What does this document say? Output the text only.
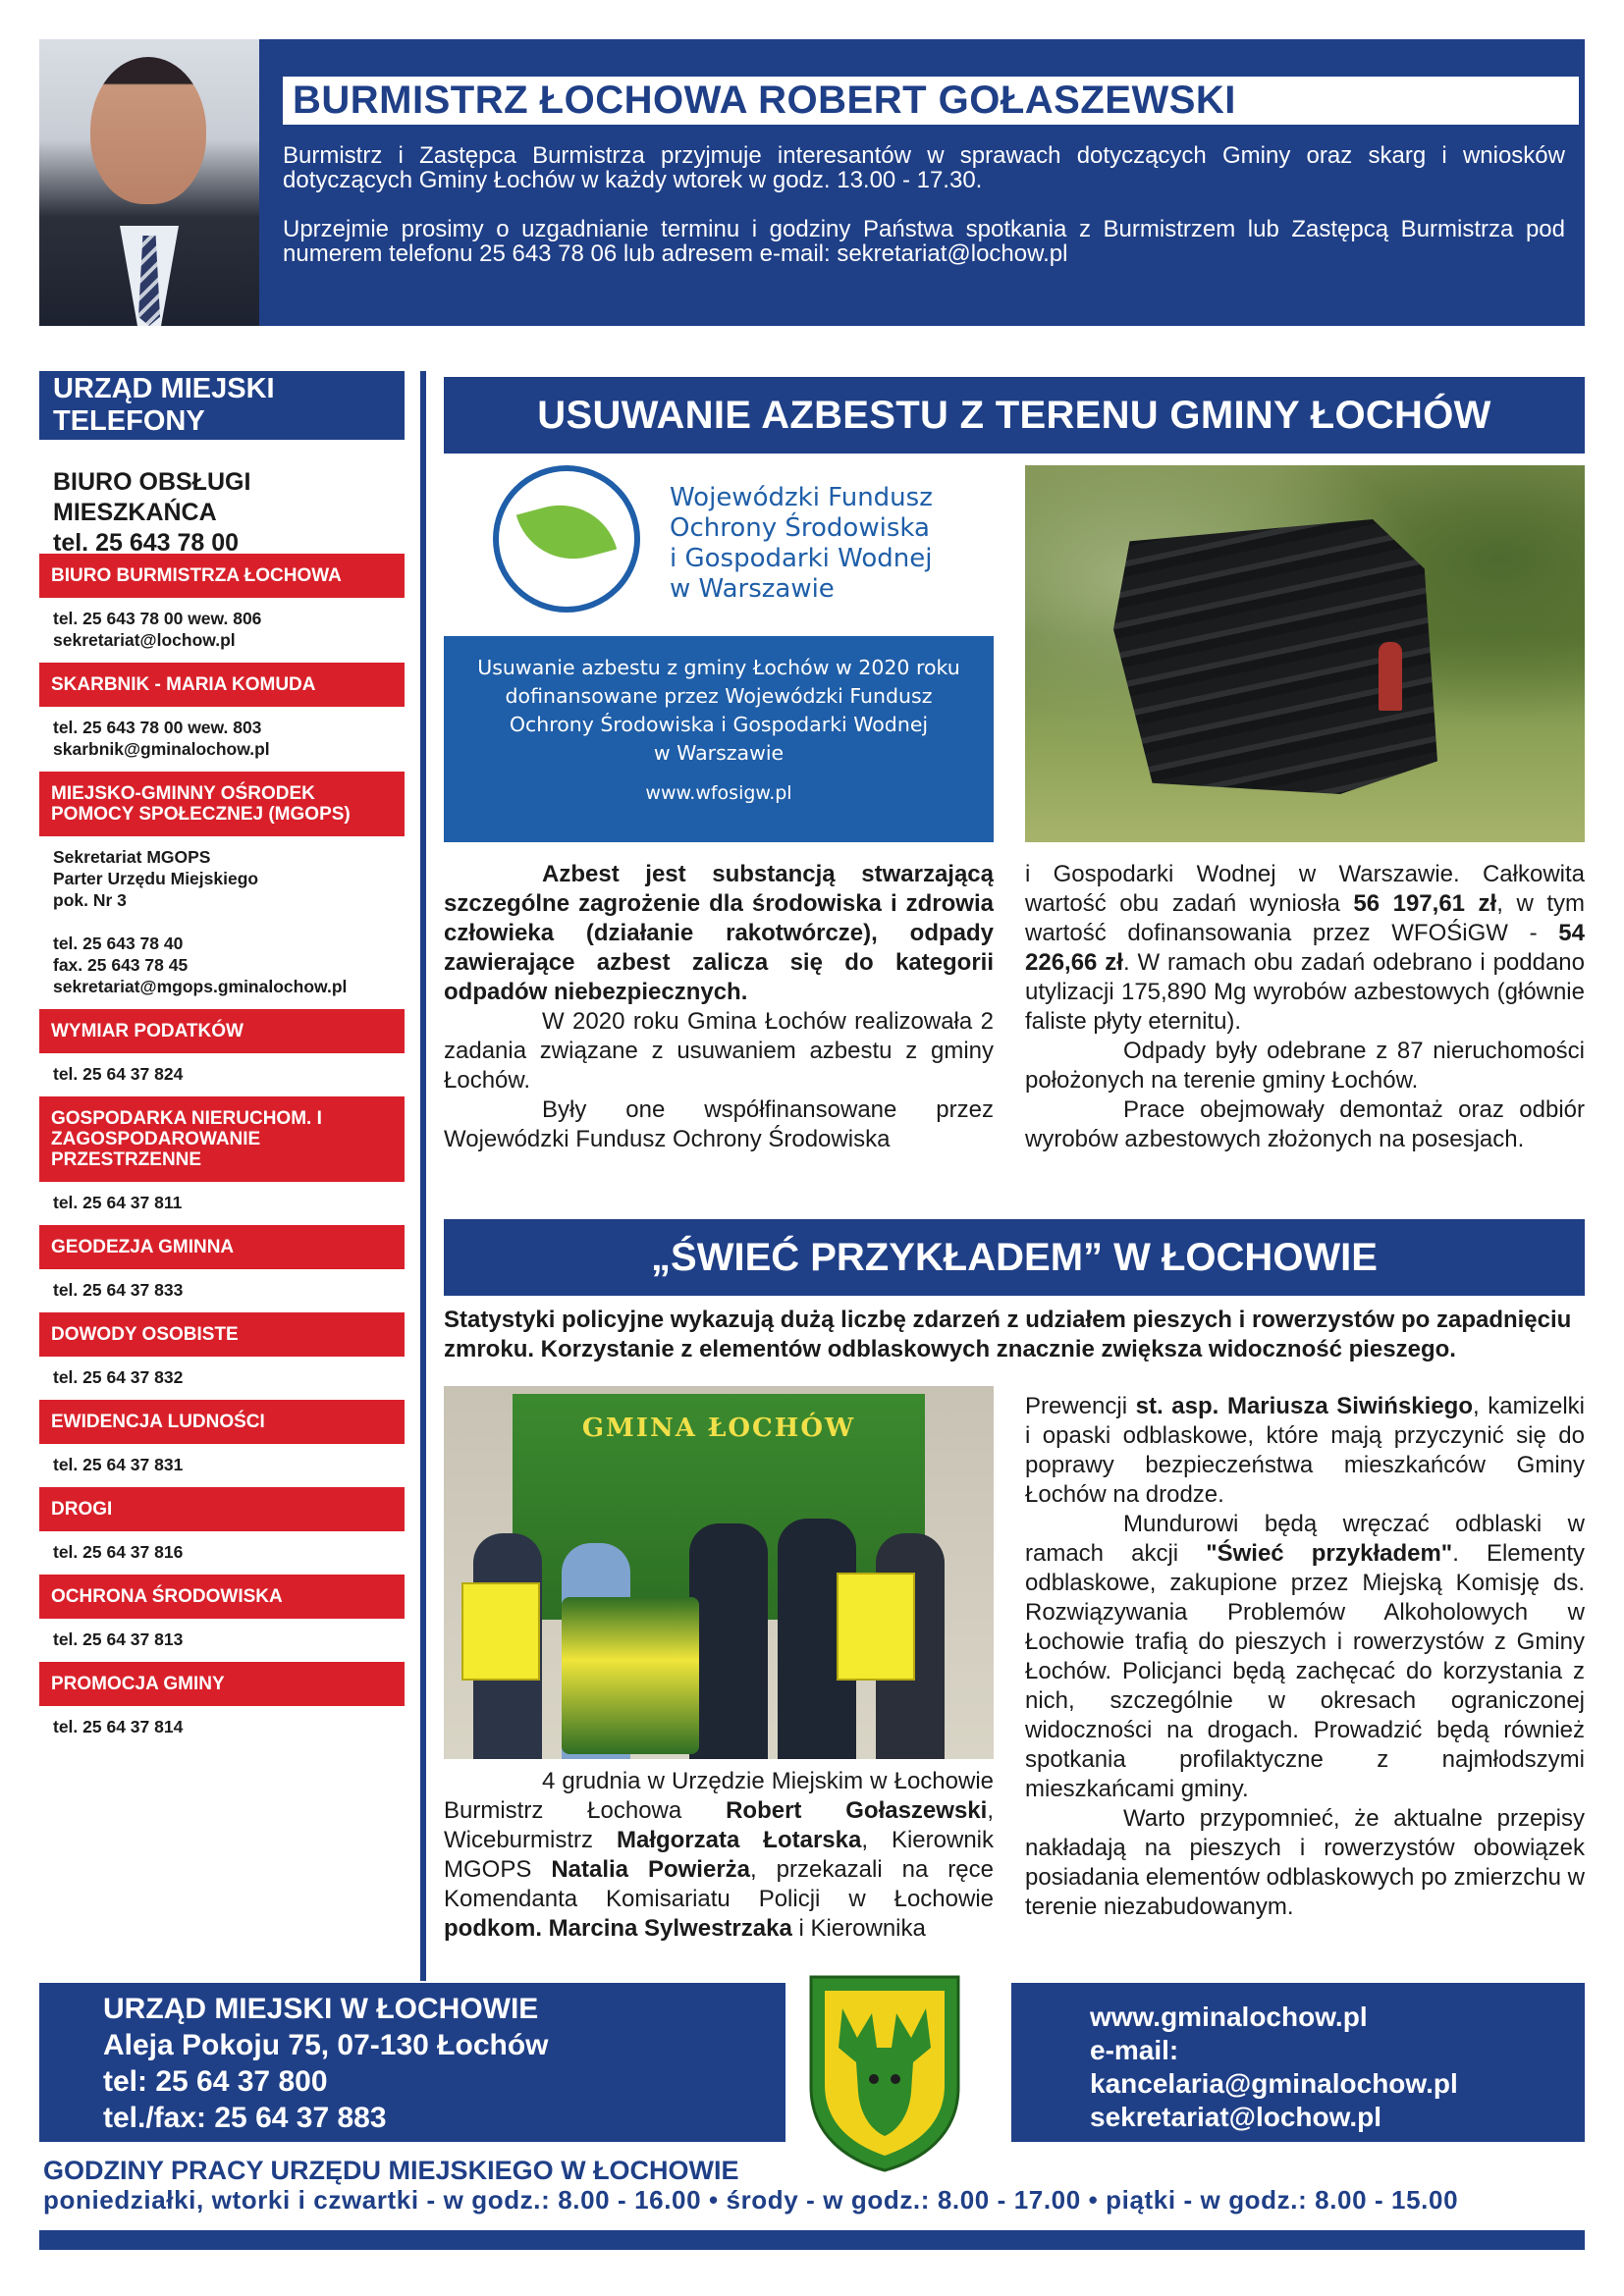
BURMISTRZ ŁOCHOWA ROBERT GOŁASZEWSKI

Burmistrz i Zastępca Burmistrza przyjmuje interesantów w sprawach dotyczących Gminy oraz skarg i wniosków dotyczących Gminy Łochów w każdy wtorek w godz. 13.00 - 17.30.

Uprzejmie prosimy o uzgadnianie terminu i godziny Państwa spotkania z Burmistrzem lub Zastępcą Burmistrza pod numerem telefonu 25 643 78 06 lub adresem e-mail: sekretariat@lochow.pl

URZĄD MIEJSKI TELEFONY
BIURO OBSŁUGI MIESZKAŃCA
tel. 25 643 78 00
BIURO BURMISTRZA ŁOCHOWA
tel. 25 643 78 00 wew. 806
sekretariat@lochow.pl
SKARBNIK - MARIA KOMUDA
tel. 25 643 78 00 wew. 803
skarbnik@gminalochow.pl
MIEJSKO-GMINNY OŚRODEK POMOCY SPOŁECZNEJ (MGOPS)
Sekretariat MGOPS
Parter Urzędu Miejskiego
pok. Nr 3
tel. 25 643 78 40
fax. 25 643 78 45
sekretariat@mgops.gminalochow.pl
WYMIAR PODATKÓW
tel. 25 64 37 824
GOSPODARKA NIERUCHOM. I ZAGOSPODAROWANIE PRZESTRZENNE
tel. 25 64 37 811
GEODEZJA GMINNA
tel. 25 64 37 833
DOWODY OSOBISTE
tel. 25 64 37 832
EWIDENCJA LUDNOŚCI
tel. 25 64 37 831
DROGI
tel. 25 64 37 816
OCHRONA ŚRODOWISKA
tel. 25 64 37 813
PROMOCJA GMINY
tel. 25 64 37 814
USUWANIE AZBESTU Z TERENU GMINY ŁOCHÓW
Wojewódzki Fundusz
Ochrony Środowiska
i Gospodarki Wodnej
w Warszawie
Usuwanie azbestu z gminy Łochów w 2020 roku
dofinansowane przez Wojewódzki Fundusz
Ochrony Środowiska i Gospodarki Wodnej
w Warszawie
www.wfosigw.pl

Azbest jest substancją stwarzającą szczególne zagrożenie dla środowiska i zdrowia człowieka (działanie rakotwórcze), odpady zawierające azbest zalicza się do kategorii odpadów niebezpiecznych.

W 2020 roku Gmina Łochów realizowała 2 zadania związane z usuwaniem azbestu z gminy Łochów.

Były one współfinansowane przez Wojewódzki Fundusz Ochrony Środowiska

i Gospodarki Wodnej w Warszawie. Całkowita wartość obu zadań wyniosła 56 197,61 zł, w tym wartość dofinansowania przez WFOŚiGW - 54 226,66 zł. W ramach obu zadań odebrano i poddano utylizacji 175,890 Mg wyrobów azbestowych (głównie faliste płyty eternitu).

Odpady były odebrane z 87 nieruchomości położonych na terenie gminy Łochów.

Prace obejmowały demontaż oraz odbiór wyrobów azbestowych złożonych na posesjach.

„ŚWIEĆ PRZYKŁADEM” W ŁOCHOWIE
Statystyki policyjne wykazują dużą liczbę zdarzeń z udziałem pieszych i rowerzystów po zapadnięciu zmroku. Korzystanie z elementów odblaskowych znacznie zwiększa widoczność pieszego.
GMINA ŁOCHÓW

4 grudnia w Urzędzie Miejskim w Łochowie Burmistrz Łochowa Robert Gołaszewski, Wiceburmistrz Małgorzata Łotarska, Kierownik MGOPS Natalia Powierża, przekazali na ręce Komendanta Komisariatu Policji w Łochowie podkom. Marcina Sylwestrzaka i Kierownika

Prewencji st. asp. Mariusza Siwińskiego, kamizelki i opaski odblaskowe, które mają przyczynić się do poprawy bezpieczeństwa mieszkańców Gminy Łochów na drodze.

Mundurowi będą wręczać odblaski w ramach akcji "Świeć przykładem". Elementy odblaskowe, zakupione przez Miejską Komisję ds. Rozwiązywania Problemów Alkoholowych w Łochowie trafią do pieszych i rowerzystów z Gminy Łochów. Policjanci będą zachęcać do korzystania z nich, szczególnie w okresach ograniczonej widoczności na drogach. Prowadzić będą również spotkania profilaktyczne z najmłodszymi mieszkańcami gminy.

Warto przypomnieć, że aktualne przepisy nakładają na pieszych i rowerzystów obowiązek posiadania elementów odblaskowych po zmierzchu w terenie niezabudowanym.

URZĄD MIEJSKI W ŁOCHOWIE
Aleja Pokoju 75, 07-130 Łochów
tel: 25 64 37 800
tel./fax: 25 64 37 883
www.gminalochow.pl
e-mail:
kancelaria@gminalochow.pl
sekretariat@lochow.pl
GODZINY PRACY URZĘDU MIEJSKIEGO W ŁOCHOWIE
poniedziałki, wtorki i czwartki - w godz.: 8.00 - 16.00 • środy - w godz.: 8.00 - 17.00 • piątki - w godz.: 8.00 - 15.00
